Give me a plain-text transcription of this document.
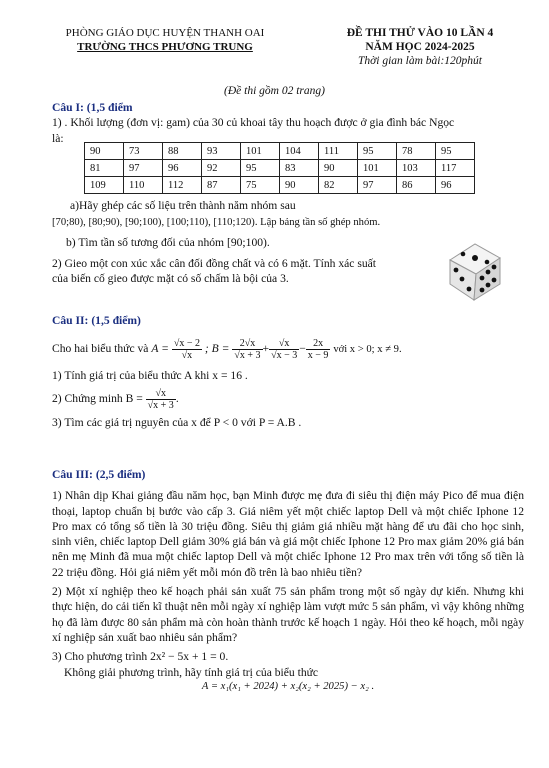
PHÒNG GIÁO DỤC HUYỆN THANH OAI
TRƯỜNG THCS PHƯƠNG TRUNG
ĐỀ THI THỬ VÀO 10 LẦN 4
NĂM HỌC 2024-2025
Thời gian làm bài:120phút
(Đề thi gồm 02 trang)

Câu I: (1,5 điểm

1) . Khối lượng (đơn vị: gam) của 30 củ khoai tây thu hoạch được ở gia đình bác Ngọc

là:

90	73	88	93	101	104	111	95	78	95
81	97	96	92	95	83	90	101	103	117
109	110	112	87	75	90	82	97	86	96

a)Hãy ghép các số liệu trên thành năm nhóm sau

[70;80), [80;90), [90;100), [100;110), [110;120). Lập bảng tần số ghép nhóm.

b) Tìm tần số tương đối của nhóm [90;100).

2) Gieo một con xúc xắc cân đối đồng chất và có 6 mặt. Tính xác suất

của biến cố gieo được mặt có số chấm là bội của 3.

Câu II: (1,5 điểm)

Cho hai biểu thức và $A = \frac{√x - 2}{√x}$ ; $B = \frac{2√x}{√x + 3} + \frac{√x}{√x - 3} - \frac{2x}{x - 9}$ với x > 0; x ≠ 9.

1) Tính giá trị của biểu thức A khi x = 16 .

2) Chứng minh $B = \frac{√x}{√x + 3}$ .

3) Tìm các giá trị nguyên của x để P < 0 với P = A.B .

Câu III: (2,5 điểm)

1) Nhân dịp Khai giảng đầu năm học, bạn Minh được mẹ đưa đi siêu thị điện máy Pico để mua điện thoại, laptop chuẩn bị bước vào cấp 3. Giá niêm yết một chiếc laptop Dell và một chiếc Iphone 12 Pro max có tổng số tiền là 30 triệu đồng. Siêu thị giảm giá nhiều mặt hàng để ưu đãi cho học sinh, sinh viên, chiếc laptop Dell giảm 30% giá bán và giá một chiếc Iphone 12 Pro max giảm 20% giá bán nên mẹ Minh đã mua một chiếc laptop Dell và một chiếc Iphone 12 Pro max trên với tổng số tiền là 22 triệu đồng. Hỏi giá niêm yết mỗi món đồ trên là bao nhiêu tiền?

2) Một xí nghiệp theo kế hoạch phải sản xuất 75 sản phẩm trong một số ngày dự kiến. Nhưng khi thực hiện, do cải tiến kĩ thuật nên mỗi ngày xí nghiệp làm vượt mức 5 sản phẩm, vì vậy không những họ đã làm được 80 sản phẩm mà còn hoàn thành trước kế hoạch 1 ngày. Hỏi theo kế hoạch, mỗi ngày xí nghiệp sản xuất bao nhiêu sản phẩm?

3) Cho phương trình 2x² − 5x + 1 = 0.

Không giải phương trình, hãy tính giá trị của biểu thức

A = x₁(x₁ + 2024) + x₂(x₂ + 2025) − x₂ .
